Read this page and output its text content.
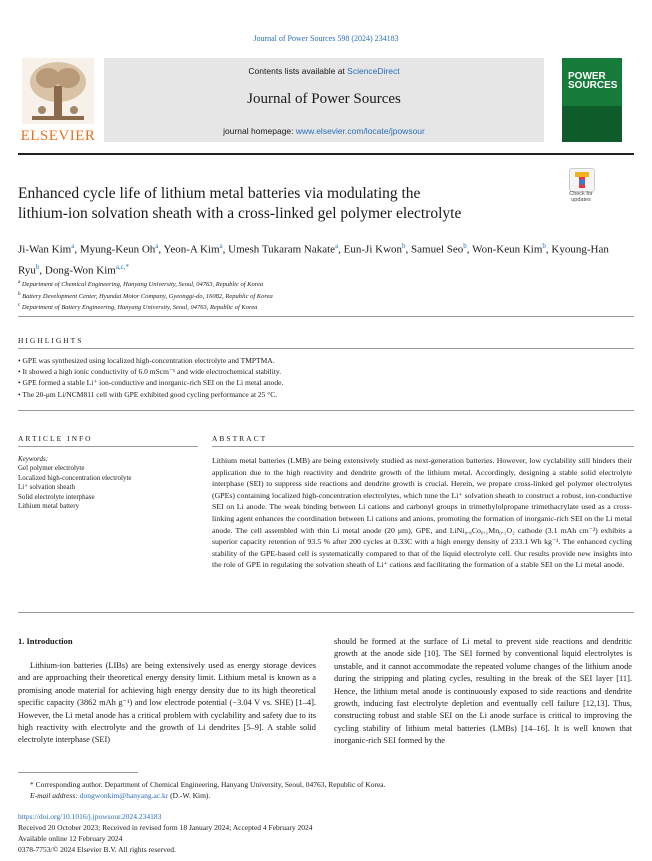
Journal of Power Sources 598 (2024) 234183
ELSEVIER
Contents lists available at ScienceDirect
Journal of Power Sources
journal homepage: www.elsevier.com/locate/jpowsour
POWER
SOURCES
Enhanced cycle life of lithium metal batteries via modulating the
lithium-ion solvation sheath with a cross-linked gel polymer electrolyte
Check for
updates
Ji-Wan Kim$^a$, Myung-Keun Oh$^a$, Yeon-A Kim$^a$, Umesh Tukaram Nakate$^a$, Eun-Ji Kwon$^b$, Samuel Seo$^b$, Won-Keun Kim$^b$, Kyoung-Han Ryu$^b$, Dong-Won Kim$^{a,c,*}$
$^a$ Department of Chemical Engineering, Hanyang University, Seoul, 04763, Republic of Korea
$^b$ Battery Development Center, Hyundai Motor Company, Gyeonggi-do, 16082, Republic of Korea
$^c$ Department of Battery Engineering, Hanyang University, Seoul, 04763, Republic of Korea
HIGHLIGHTS
• GPE was synthesized using localized high-concentration electrolyte and TMPTMA.
• It showed a high ionic conductivity of 6.0 mScm⁻¹ and wide electrochemical stability.
• GPE formed a stable Li⁺ ion-conductive and inorganic-rich SEI on the Li metal anode.
• The 20-μm Li/NCM811 cell with GPE exhibited good cycling performance at 25 °C.
ARTICLE INFO
Keywords:
Gel polymer electrolyte
Localized high-concentration electrolyte
Li⁺ solvation sheath
Solid electrolyte interphase
Lithium metal battery
ABSTRACT

Lithium metal batteries (LMB) are being extensively studied as next-generation batteries. However, low cyclability still hinders their application due to the high reactivity and dendrite growth of the lithium metal. Accordingly, designing a stable solid electrolyte interphase (SEI) to suppress side reactions and dendrite growth is crucial. Herein, we prepare cross-linked gel polymer electrolytes (GPEs) containing localized high-concentration electrolytes, which tune the Li⁺ solvation sheath to construct a robust, ion-conductive SEI on Li anode. The weak binding between Li cations and carbonyl groups in trimethylolpropane trimethacrylate used as a cross-linking agent enhances the coordination between Li cations and anions, promoting the formation of inorganic-rich SEI on the Li metal anode. The cell assembled with thin Li metal anode (20 μm), GPE, and LiNi₀.₈Co₀.₁Mn₀.₁O₂ cathode (3.1 mAh cm⁻²) exhibits a superior capacity retention of 93.5 % after 200 cycles at 0.33C with a high energy density of 233.1 Wh kg⁻¹. The enhanced cycling stability of the GPE-based cell is systematically compared to that of the liquid electrolyte cell. Our results provide new insights into the role of GPE in regulating the solvation sheath of Li⁺ cations and facilitating the formation of a stable SEI on the Li metal anode.

1. Introduction

Lithium-ion batteries (LIBs) are being extensively used as energy storage devices and are approaching their theoretical energy density limit. Lithium metal is known as a promising anode material for achieving high energy density due to its high theoretical specific capacity (3862 mAh g⁻¹) and low electrode potential (−3.04 V vs. SHE) [1–4]. However, the Li metal anode has a critical problem with cyclability and safety due to its high reactivity with electrolyte and the growth of Li dendrites [5–9]. A stable solid electrolyte interphase (SEI)

should be formed at the surface of Li metal to prevent side reactions and dendritic growth at the anode side [10]. The SEI formed by conventional liquid electrolytes is unstable, and it cannot accommodate the repeated volume changes of the lithium anode during the stripping and plating cycles, resulting in the break of the SEI layer [11]. Hence, the lithium metal anode is continuously exposed to side reactions and dendrite growth, inducing fast electrolyte depletion and eventually cell failure [12,13]. Thus, constructing robust and stable SEI on the Li anode surface is critical to improving the cycling stability of lithium metal batteries (LMBs) [14–16]. It is well known that inorganic-rich SEI formed by the

* Corresponding author. Department of Chemical Engineering, Hanyang University, Seoul, 04763, Republic of Korea.
E-mail address: dongwonkim@hanyang.ac.kr (D.-W. Kim).
https://doi.org/10.1016/j.jpowsour.2024.234183
Received 20 October 2023; Received in revised form 18 January 2024; Accepted 4 February 2024
Available online 12 February 2024
0378-7753/© 2024 Elsevier B.V. All rights reserved.
